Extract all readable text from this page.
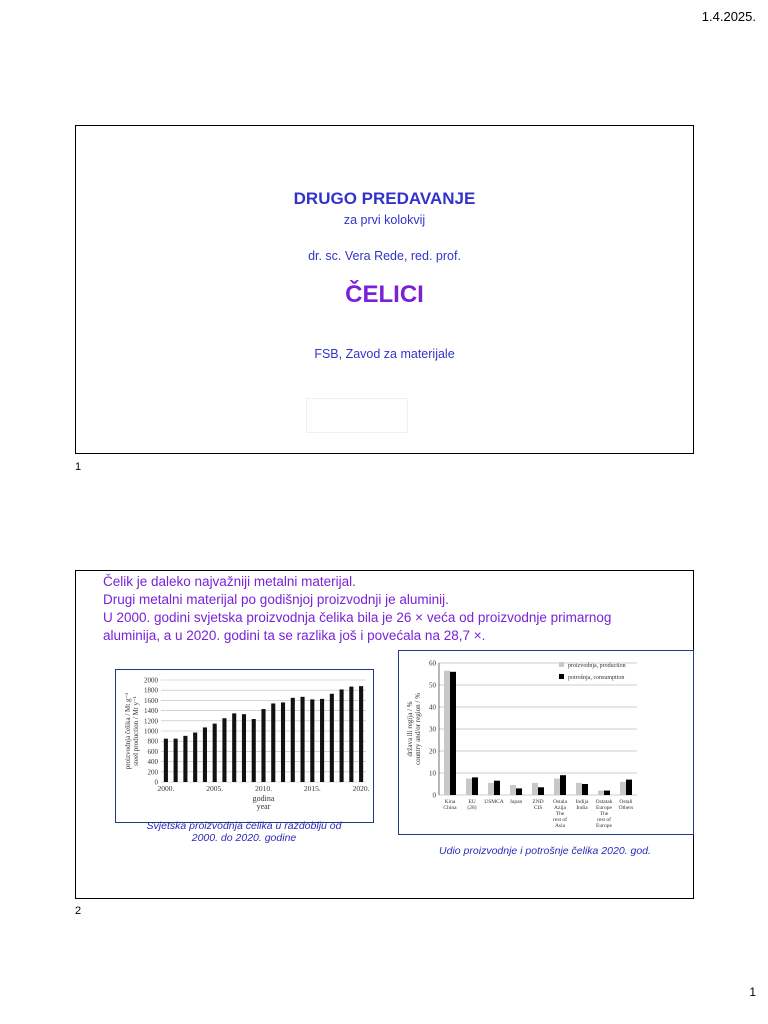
1.4.2025.
DRUGO PREDAVANJE
za prvi kolokvij
dr. sc. Vera Rede, red. prof.
ČELICI
FSB, Zavod za materijale
1
Čelik je daleko najvažniji metalni materijal.
Drugi metalni materijal po godišnjoj proizvodnji je aluminij.
U 2000. godini svjetska proizvodnja čelika bila je 26 × veća od proizvodnje primarnog
aluminija, a u 2020. godini ta se razlika još i povećala na 28,7 ×.
0
200
400
600
800
1000
1200
1400
1600
1800
2000
2000.	2005.	2010.	2015.	2020.
godina
year
proizvodnja čelika / Mt g⁻¹ steel production / Mt y⁻¹
Svjetska proizvodnja čelika u razdoblju od
2000. do 2020. godine
0
10
20
30
40
50
60
Kina
China
EU
(28)
USMCA Japan ZND
CIS
Ostala
Azija
The
rest of
Asia
Indija
India
Ostatak
Europe
The
rest of
Europe
Ostali
Others
proizvodnja, production
potrošnja, consumption
država ili regija / % country and/or region / %
Udio proizvodnje i potrošnje čelika 2020. god.
2
1
